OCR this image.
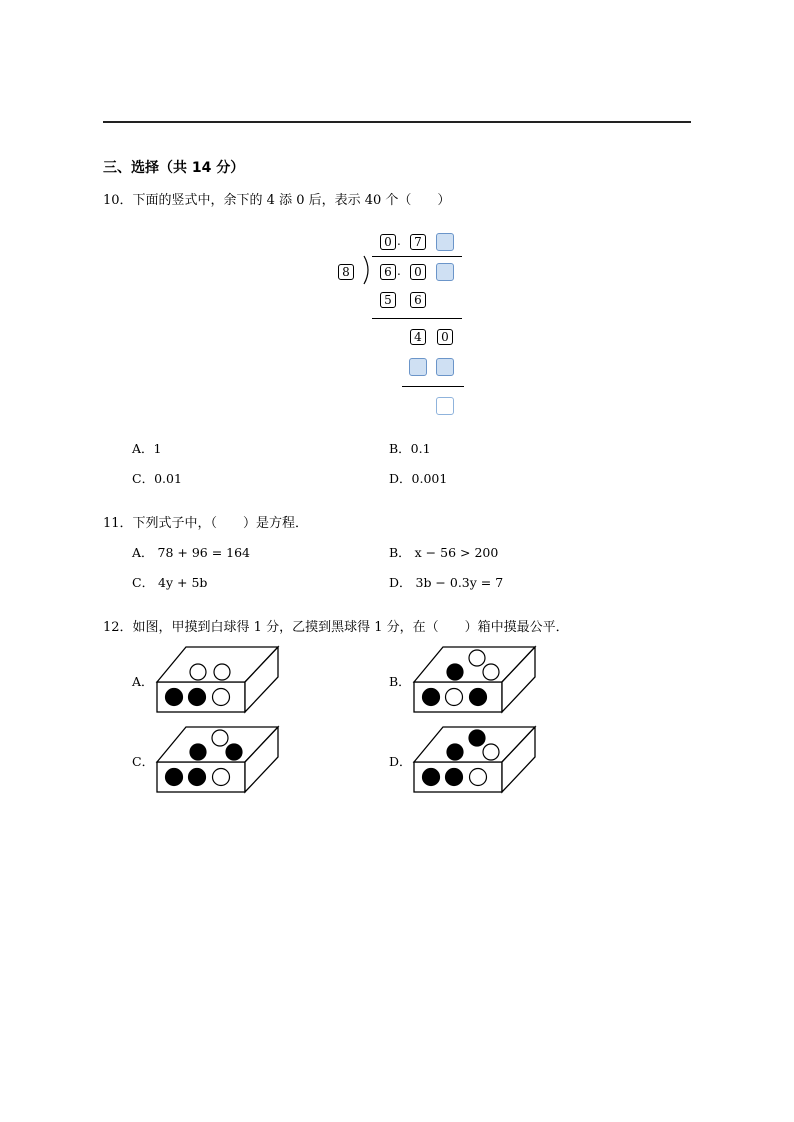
三、选择（共 14 分）
10．下面的竖式中，余下的 4 添 0 后，表示 40 个（　　）
0 .	7
8	6 .	0
5	6
4	0
A．1	B．0.1
C．0.01	D．0.001
11．下列式子中，（　　）是方程．
A． 78 + 96 = 164	B． x − 56 > 200
C． 4y + 5b	D． 3b − 0.3y = 7
12．如图，甲摸到白球得 1 分，乙摸到黑球得 1 分，在（　　）箱中摸最公平．
A．	B．
C．	D．
